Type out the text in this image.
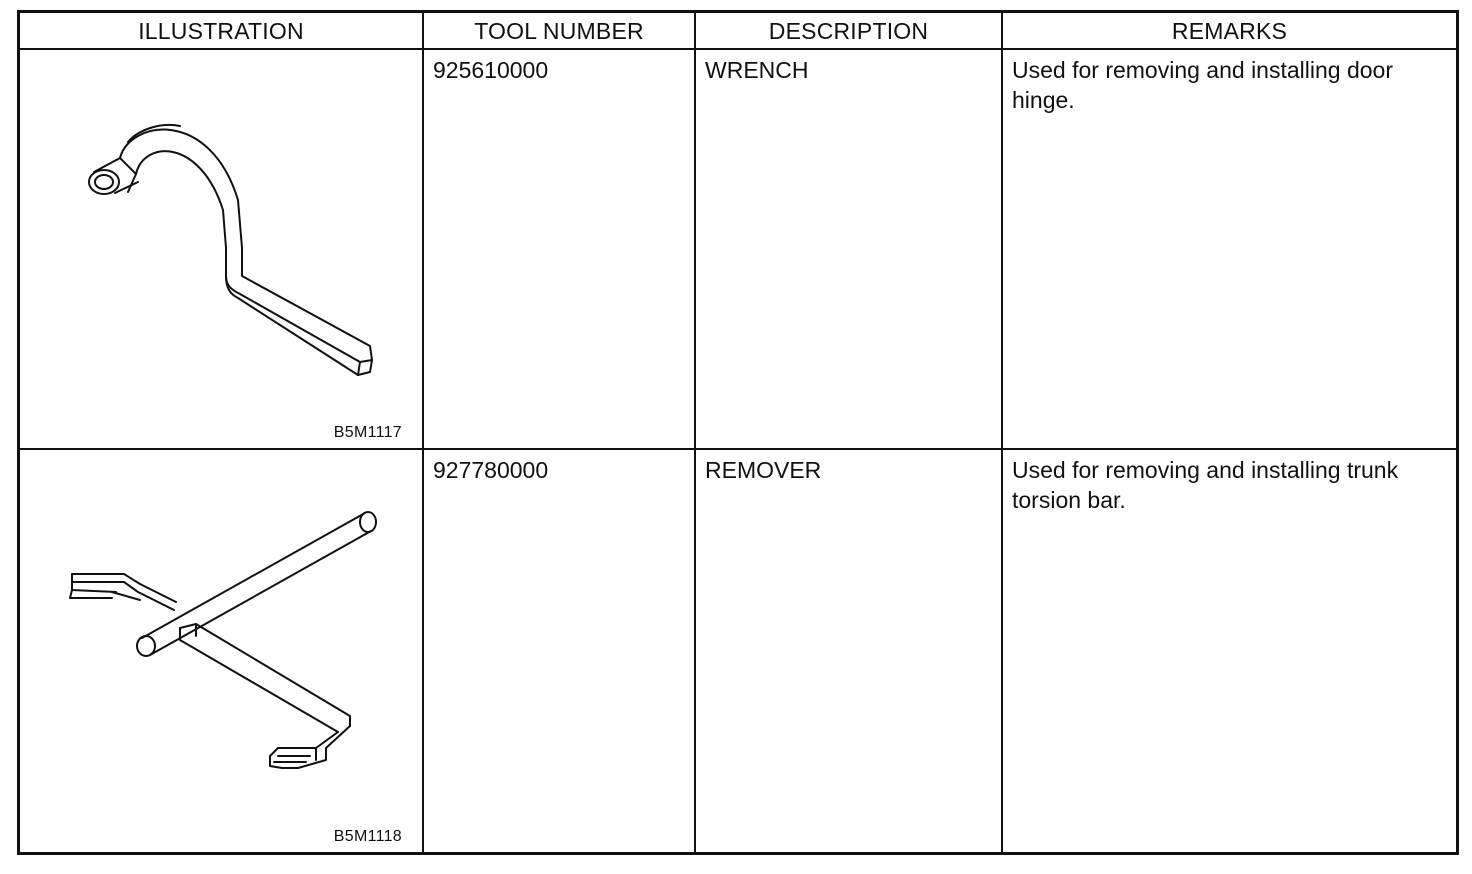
ILLUSTRATION	TOOL NUMBER	DESCRIPTION	REMARKS
B5M1117
925610000	WRENCH	Used for removing and installing door hinge.
B5M1118
927780000	REMOVER	Used for removing and installing trunk torsion bar.
